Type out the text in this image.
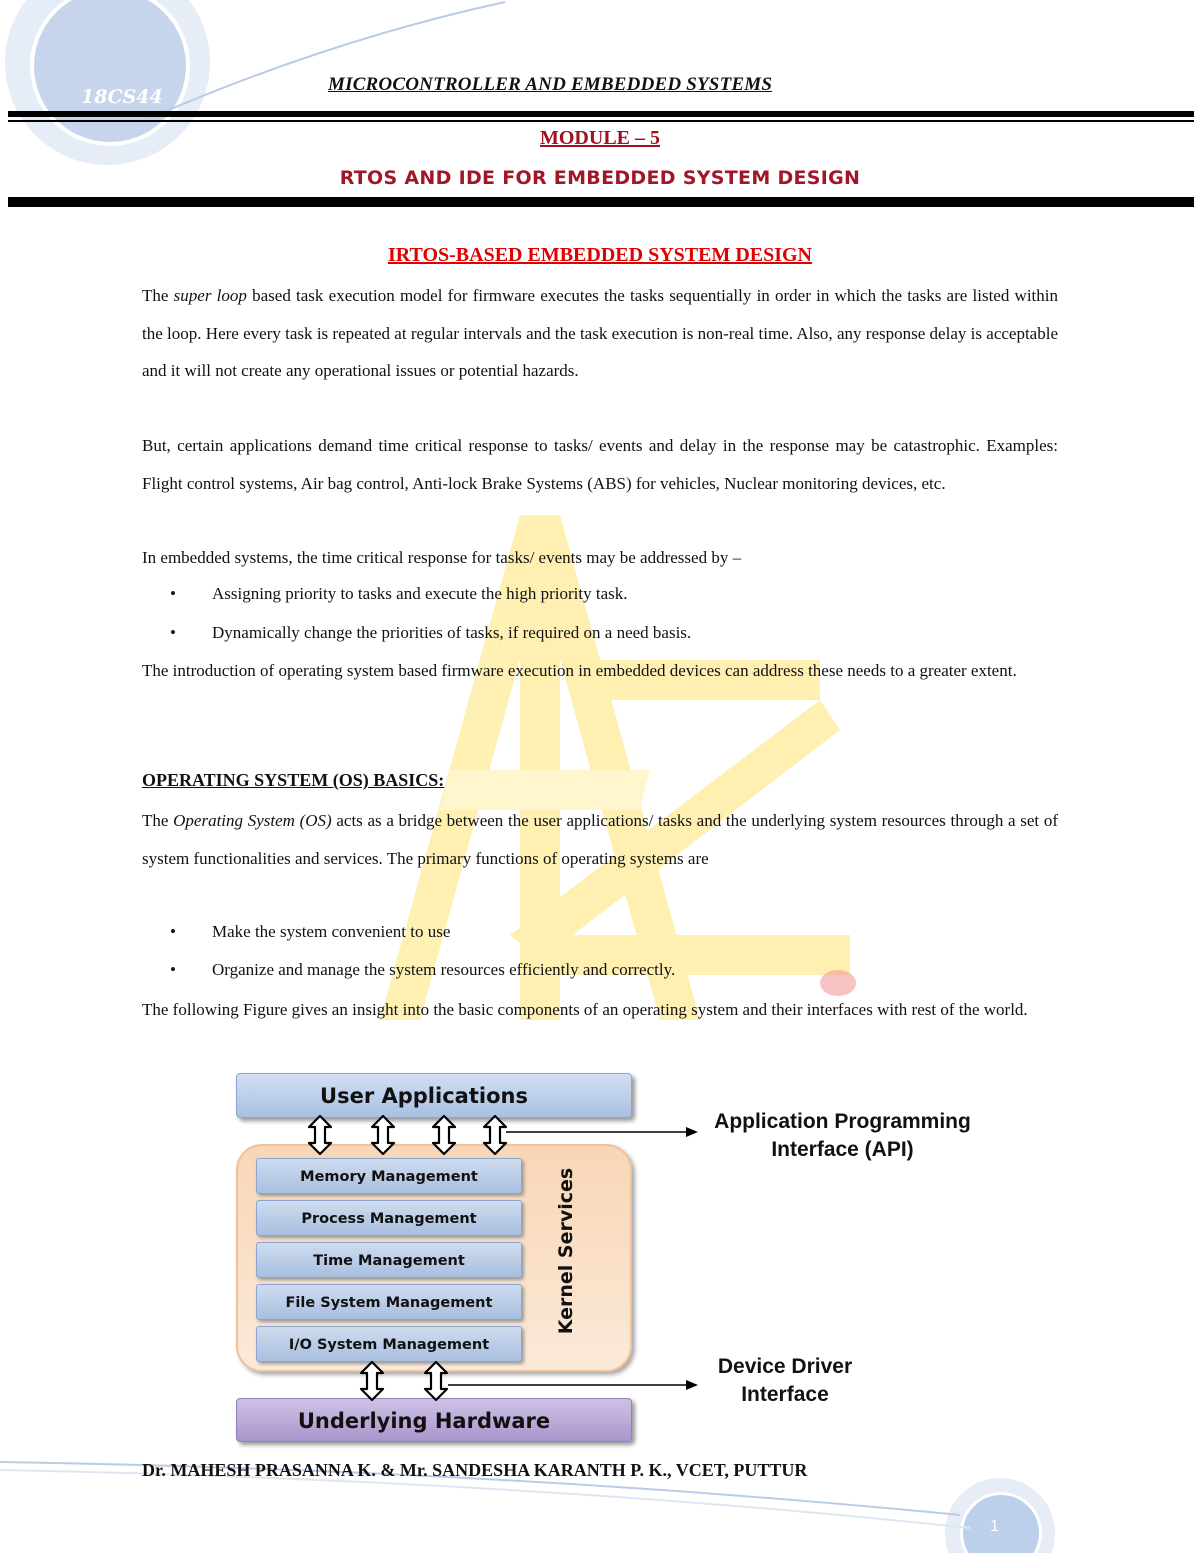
18CS44
MICROCONTROLLER AND EMBEDDED SYSTEMS
MODULE – 5
RTOS AND IDE FOR EMBEDDED SYSTEM DESIGN
IRTOS-BASED EMBEDDED SYSTEM DESIGN
The super loop based task execution model for firmware executes the tasks sequentially in order in which the tasks are listed within the loop. Here every task is repeated at regular intervals and the task execution is non-real time. Also, any response delay is acceptable and it will not create any operational issues or potential hazards.
But, certain applications demand time critical response to tasks/ events and delay in the response may be catastrophic. Examples: Flight control systems, Air bag control, Anti-lock Brake Systems (ABS) for vehicles, Nuclear monitoring devices, etc.
In embedded systems, the time critical response for tasks/ events may be addressed by –
• Assigning priority to tasks and execute the high priority task.
• Dynamically change the priorities of tasks, if required on a need basis.
The introduction of operating system based firmware execution in embedded devices can address these needs to a greater extent.
OPERATING SYSTEM (OS) BASICS:
The Operating System (OS) acts as a bridge between the user applications/ tasks and the underlying system resources through a set of system functionalities and services. The primary functions of operating systems are
• Make the system convenient to use
• Organize and manage the system resources efficiently and correctly.
The following Figure gives an insight into the basic components of an operating system and their interfaces with rest of the world.
User Applications
Memory Management
Process Management
Time Management
File System Management
I/O System Management
Kernel Services
Underlying Hardware
Application Programming
Interface (API)
Device Driver
Interface
Dr. MAHESH PRASANNA K. & Mr. SANDESHA KARANTH P. K., VCET, PUTTUR
1
